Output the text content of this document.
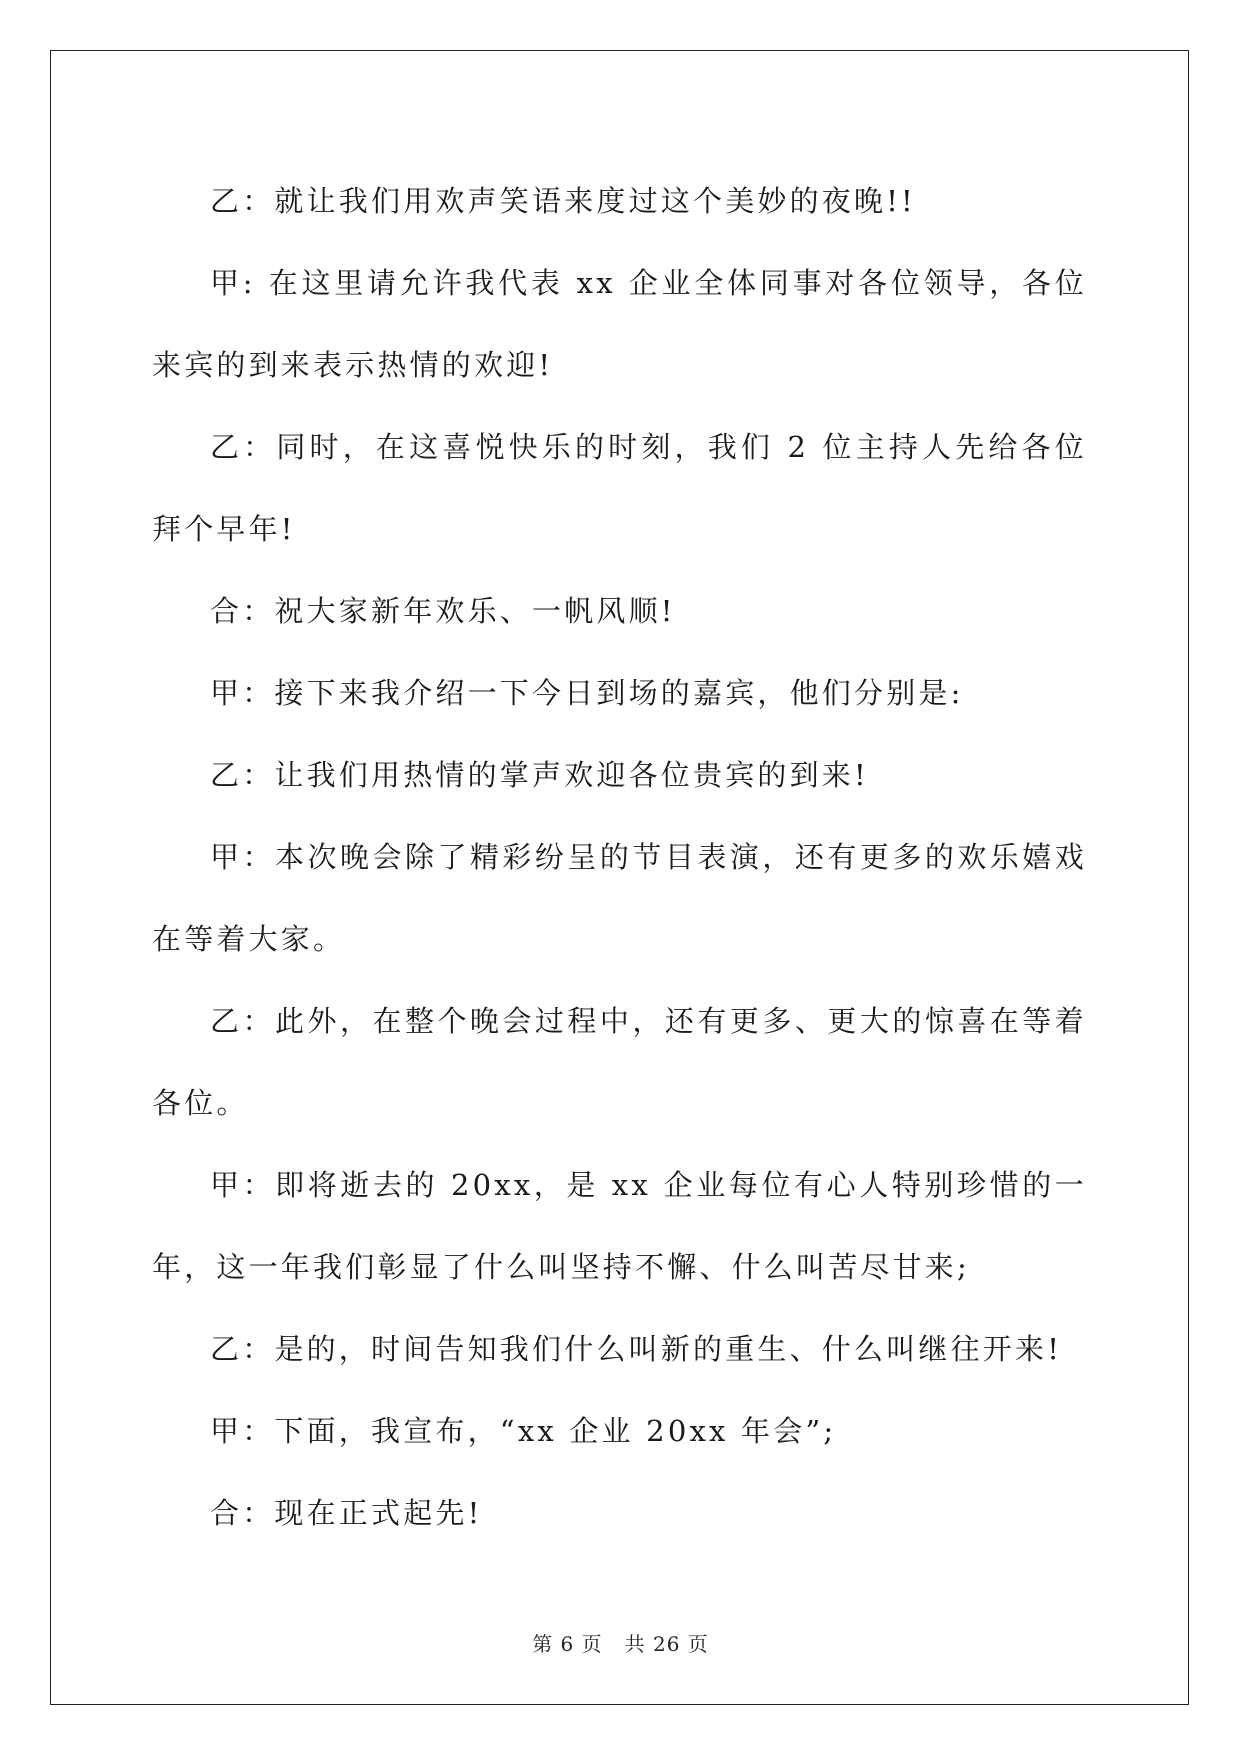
乙：就让我们用欢声笑语来度过这个美妙的夜晚!!

甲: 在这里请允许我代表 xx 企业全体同事对各位领导，各位来宾的到来表示热情的欢迎!

乙：同时，在这喜悦快乐的时刻，我们 2 位主持人先给各位拜个早年!

合：祝大家新年欢乐、一帆风顺!

甲：接下来我介绍一下今日到场的嘉宾，他们分别是:

乙：让我们用热情的掌声欢迎各位贵宾的到来!

甲：本次晚会除了精彩纷呈的节目表演，还有更多的欢乐嬉戏在等着大家。

乙：此外，在整个晚会过程中，还有更多、更大的惊喜在等着各位。

甲：即将逝去的 20xx，是 xx 企业每位有心人特别珍惜的一年，这一年我们彰显了什么叫坚持不懈、什么叫苦尽甘来;

乙：是的，时间告知我们什么叫新的重生、什么叫继往开来!

甲：下面，我宣布，“xx 企业 20xx 年会”;

合：现在正式起先!

第 6 页 共 26 页
